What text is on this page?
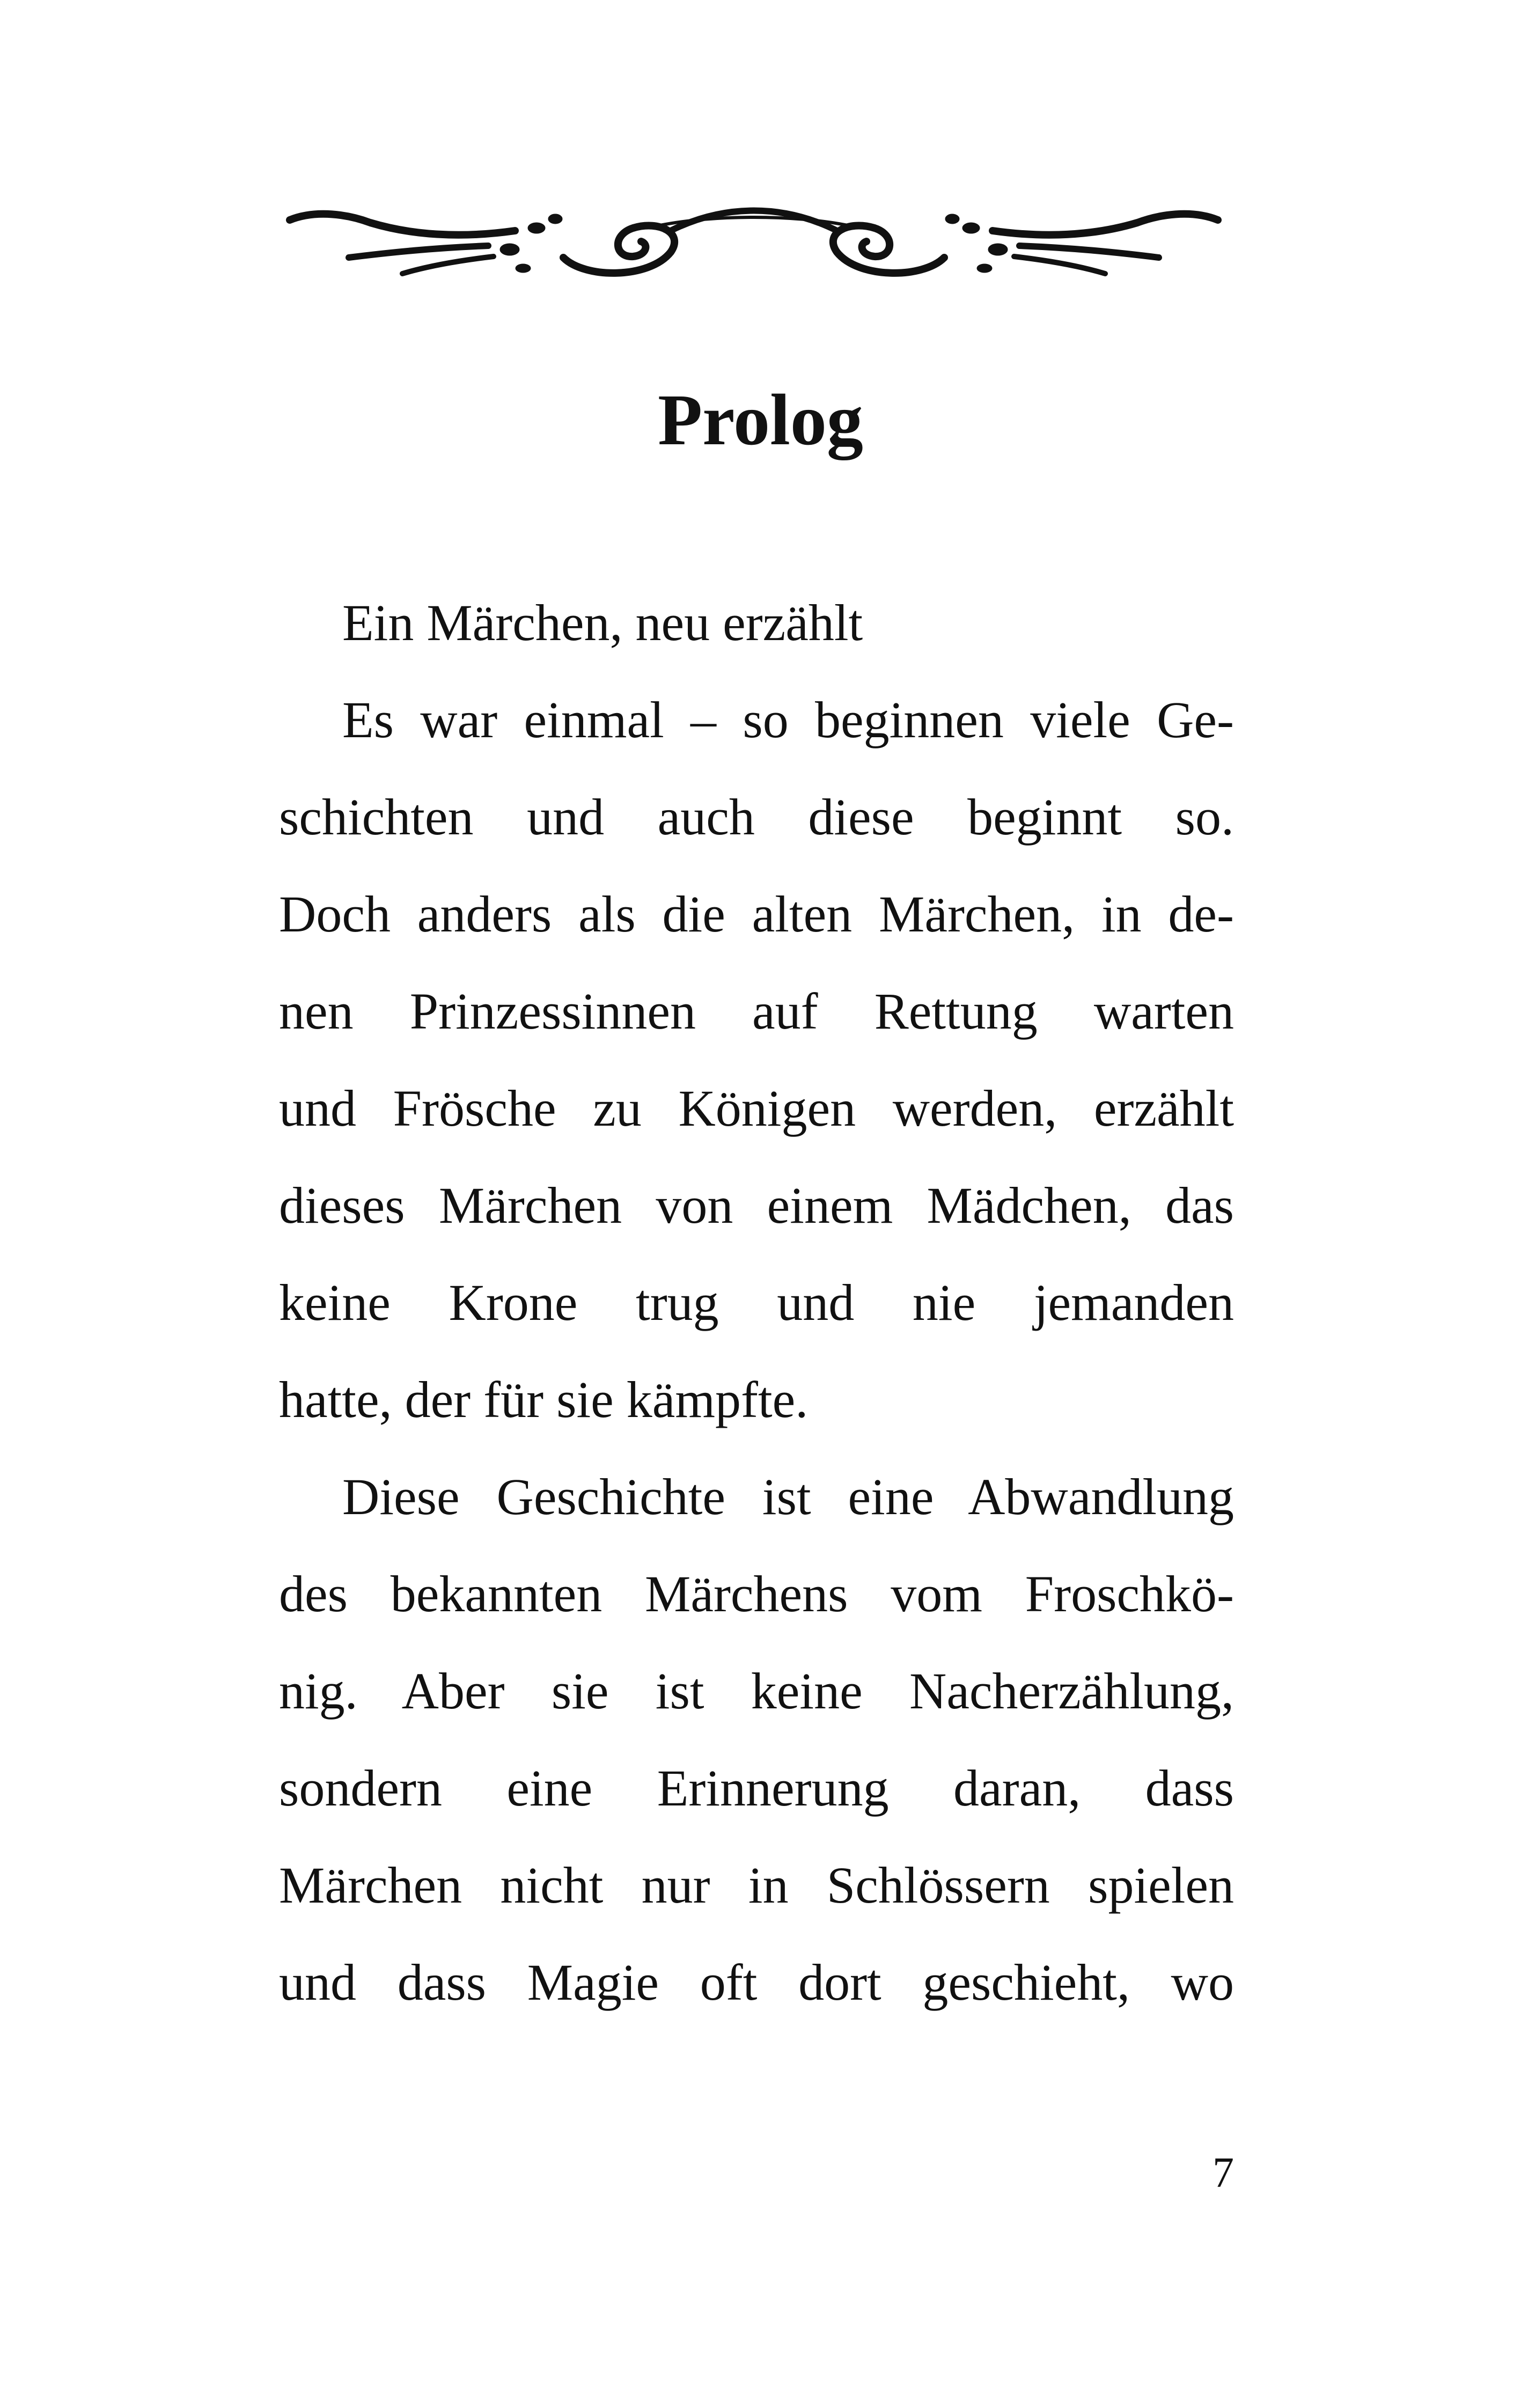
Prolog

Ein Märchen, neu erzählt

Es war einmal – so beginnen viele Ge-
schichten und auch diese beginnt so.
Doch anders als die alten Märchen, in de-
nen Prinzessinnen auf Rettung warten
und Frösche zu Königen werden, erzählt
dieses Märchen von einem Mädchen, das
keine Krone trug und nie jemanden
hatte, der für sie kämpfte.

Diese Geschichte ist eine Abwandlung
des bekannten Märchens vom Froschkö-
nig. Aber sie ist keine Nacherzählung,
sondern eine Erinnerung daran, dass
Märchen nicht nur in Schlössern spielen
und dass Magie oft dort geschieht, wo

7
